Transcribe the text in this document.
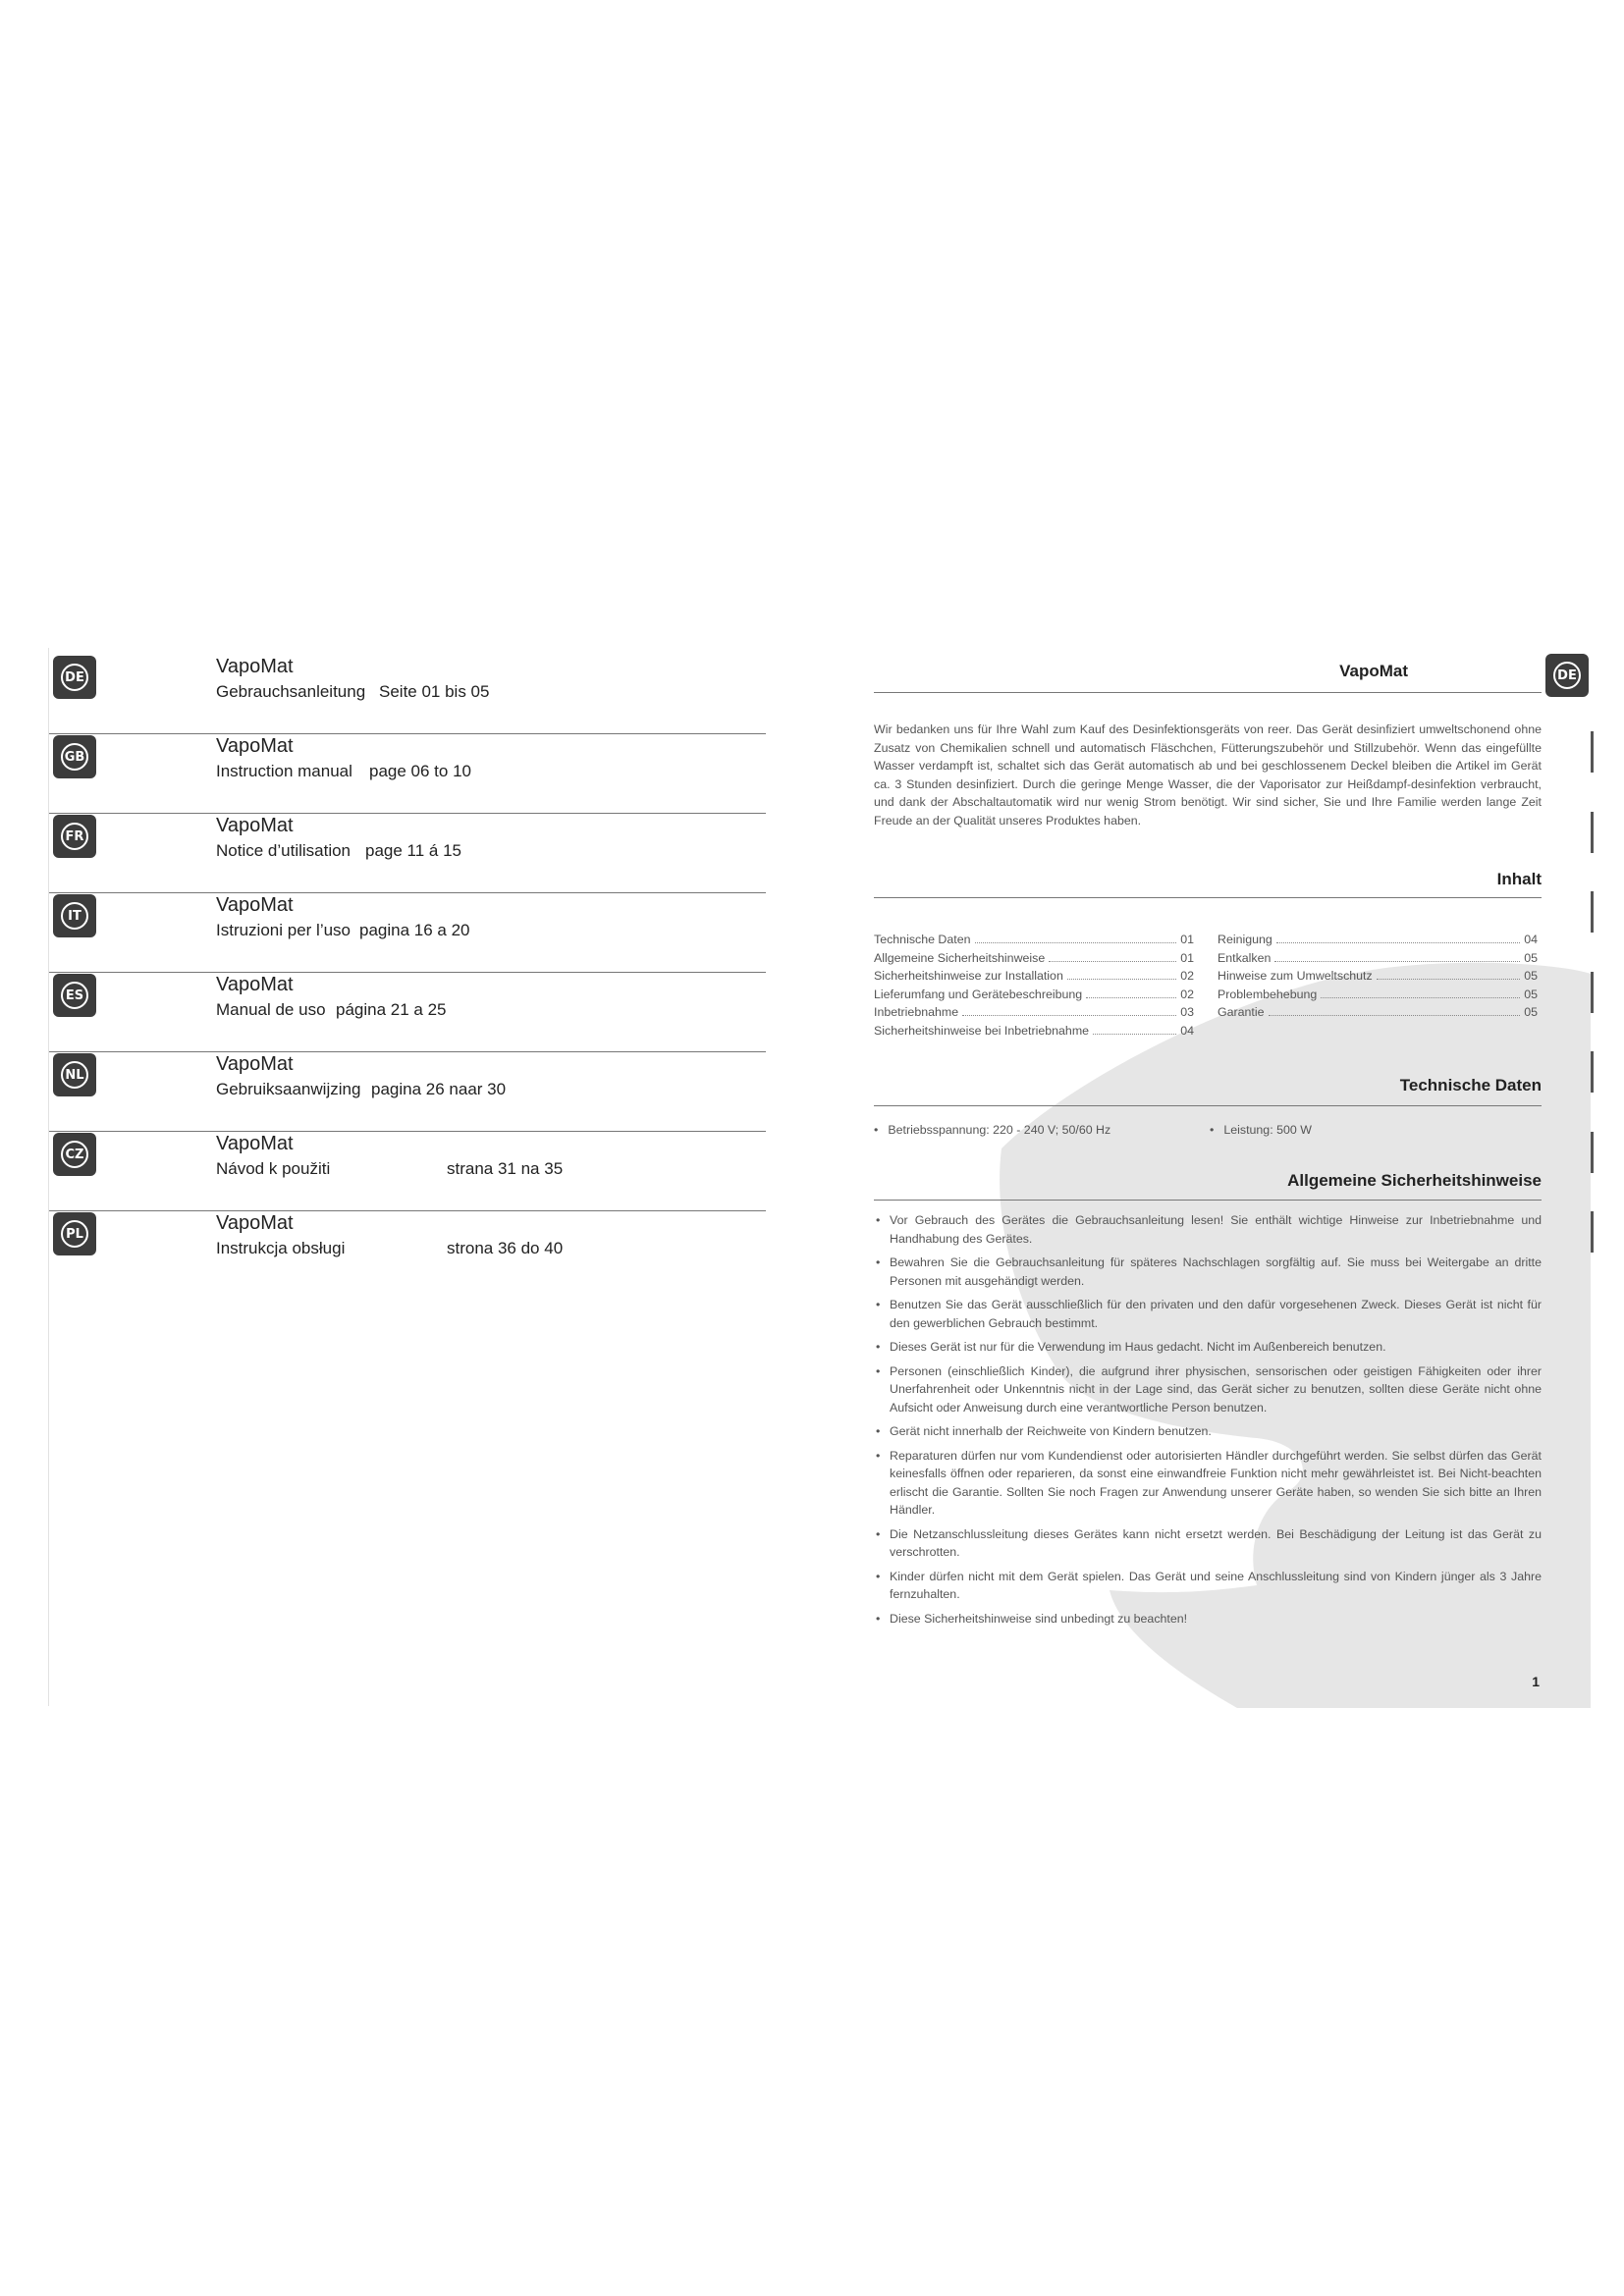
DE	VapoMat
Gebrauchsanleitung Seite 01 bis 05
GB	VapoMat
Instruction manual page 06 to 10
FR	VapoMat
Notice d’utilisation page 11 á 15
IT	VapoMat
Istruzioni per l’uso pagina 16 a 20
ES	VapoMat
Manual de uso página 21 a 25
NL	VapoMat
Gebruiksaanwijzing pagina 26 naar 30
CZ	VapoMat
Návod k použiti	strana 31 na 35
PL	VapoMat
Instrukcja obsługi	strona 36 do 40
VapoMat	DE
Wir bedanken uns für Ihre Wahl zum Kauf des Desinfektionsgeräts von reer. Das Gerät desinfiziert umweltschonend ohne Zusatz von Chemikalien schnell und automatisch Fläschchen, Fütterungszubehör und Stillzubehör. Wenn das eingefüllte Wasser verdampft ist, schaltet sich das Gerät automatisch ab und bei geschlossenem Deckel bleiben die Artikel im Gerät ca. 3 Stunden desinfiziert. Durch die geringe Menge Wasser, die der Vaporisator zur Heißdampf-desinfektion verbraucht, und dank der Abschaltautomatik wird nur wenig Strom benötigt. Wir sind sicher, Sie und Ihre Familie werden lange Zeit Freude an der Qualität unseres Produktes haben.
Inhalt
Technische Daten	01
Allgemeine Sicherheitshinweise	01
Sicherheitshinweise zur Installation	02
Lieferumfang und Gerätebeschreibung	02
Inbetriebnahme	03
Sicherheitshinweise bei Inbetriebnahme	04
Reinigung	04
Entkalken	05
Hinweise zum Umweltschutz	05
Problembehebung	05
Garantie	05
Technische Daten
• Betriebsspannung: 220 - 240 V; 50/60 Hz	• Leistung: 500 W
Allgemeine Sicherheitshinweise
• Vor Gebrauch des Gerätes die Gebrauchsanleitung lesen! Sie enthält wichtige Hinweise zur Inbetriebnahme und Handhabung des Gerätes.
• Bewahren Sie die Gebrauchsanleitung für späteres Nachschlagen sorgfältig auf. Sie muss bei Weitergabe an dritte Personen mit ausgehändigt werden.
• Benutzen Sie das Gerät ausschließlich für den privaten und den dafür vorgesehenen Zweck. Dieses Gerät ist nicht für den gewerblichen Gebrauch bestimmt.
• Dieses Gerät ist nur für die Verwendung im Haus gedacht. Nicht im Außenbereich benutzen.
• Personen (einschließlich Kinder), die aufgrund ihrer physischen, sensorischen oder geistigen Fähigkeiten oder ihrer Unerfahrenheit oder Unkenntnis nicht in der Lage sind, das Gerät sicher zu benutzen, sollten diese Geräte nicht ohne Aufsicht oder Anweisung durch eine verantwortliche Person benutzen.
• Gerät nicht innerhalb der Reichweite von Kindern benutzen.
• Reparaturen dürfen nur vom Kundendienst oder autorisierten Händler durchgeführt werden. Sie selbst dürfen das Gerät keinesfalls öffnen oder reparieren, da sonst eine einwandfreie Funktion nicht mehr gewährleistet ist. Bei Nicht-beachten erlischt die Garantie. Sollten Sie noch Fragen zur Anwendung unserer Geräte haben, so wenden Sie sich bitte an Ihren Händler.
• Die Netzanschlussleitung dieses Gerätes kann nicht ersetzt werden. Bei Beschädigung der Leitung ist das Gerät zu verschrotten.
• Kinder dürfen nicht mit dem Gerät spielen. Das Gerät und seine Anschlussleitung sind von Kindern jünger als 3 Jahre fernzuhalten.
• Diese Sicherheitshinweise sind unbedingt zu beachten!
1
